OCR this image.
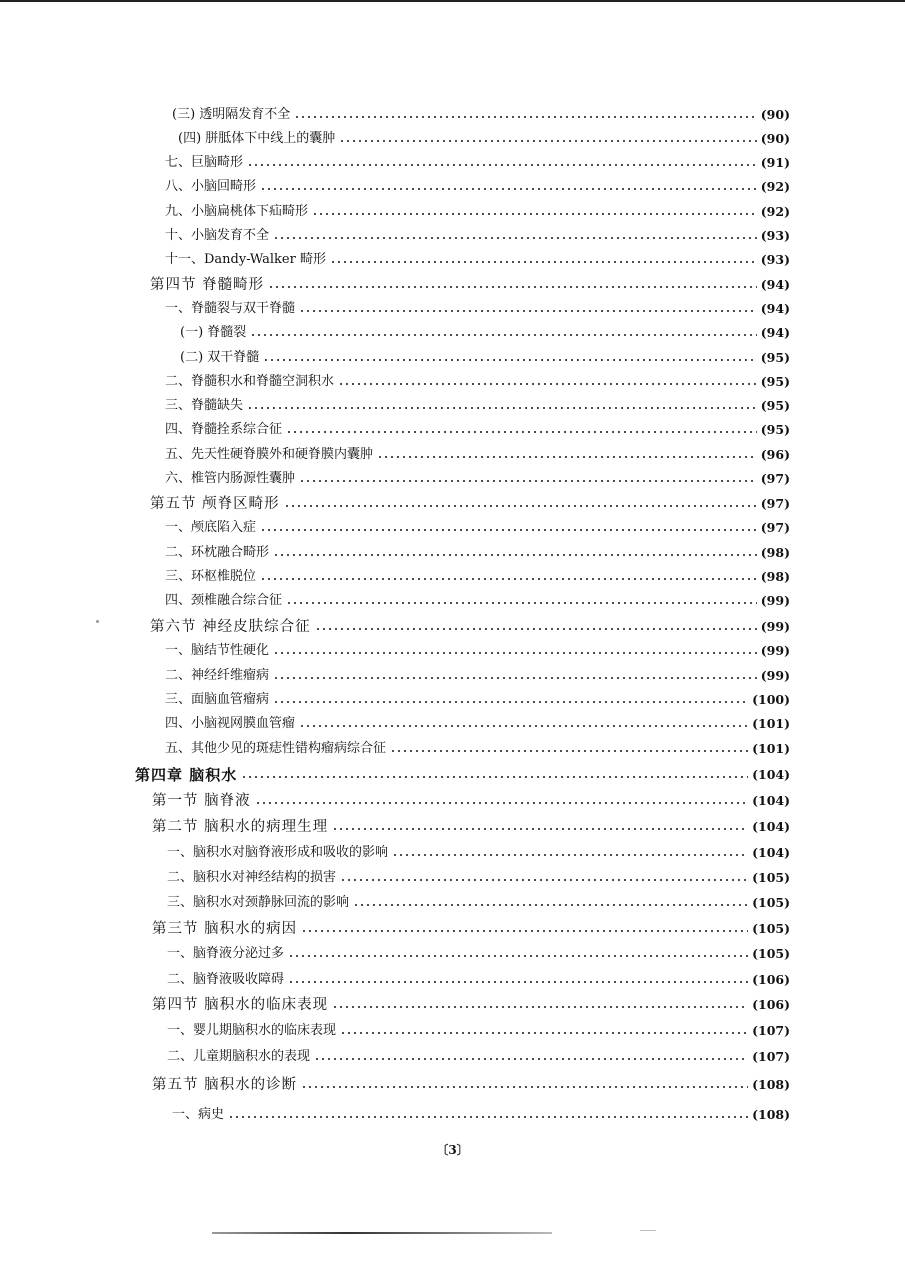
(三) 透明隔发育不全	(90)
(四) 胼胝体下中线上的囊肿	(90)
七、巨脑畸形	(91)
八、小脑回畸形	(92)
九、小脑扁桃体下疝畸形	(92)
十、小脑发育不全	(93)
十一、Dandy-Walker 畸形	(93)
第四节 脊髓畸形	(94)
一、脊髓裂与双干脊髓	(94)
(一) 脊髓裂	(94)
(二) 双干脊髓	(95)
二、脊髓积水和脊髓空洞积水	(95)
三、脊髓缺失	(95)
四、脊髓拴系综合征	(95)
五、先天性硬脊膜外和硬脊膜内囊肿	(96)
六、椎管内肠源性囊肿	(97)
第五节 颅脊区畸形	(97)
一、颅底陷入症	(97)
二、环枕融合畸形	(98)
三、环枢椎脱位	(98)
四、颈椎融合综合征	(99)
第六节 神经皮肤综合征	(99)
一、脑结节性硬化	(99)
二、神经纤维瘤病	(99)
三、面脑血管瘤病	(100)
四、小脑视网膜血管瘤	(101)
五、其他少见的斑痣性错构瘤病综合征	(101)
第四章 脑积水	(104)
第一节 脑脊液	(104)
第二节 脑积水的病理生理	(104)
一、脑积水对脑脊液形成和吸收的影响	(104)
二、脑积水对神经结构的损害	(105)
三、脑积水对颈静脉回流的影响	(105)
第三节 脑积水的病因	(105)
一、脑脊液分泌过多	(105)
二、脑脊液吸收障碍	(106)
第四节 脑积水的临床表现	(106)
一、婴儿期脑积水的临床表现	(107)
二、儿童期脑积水的表现	(107)
第五节 脑积水的诊断	(108)
一、病史	(108)
〔3〕
